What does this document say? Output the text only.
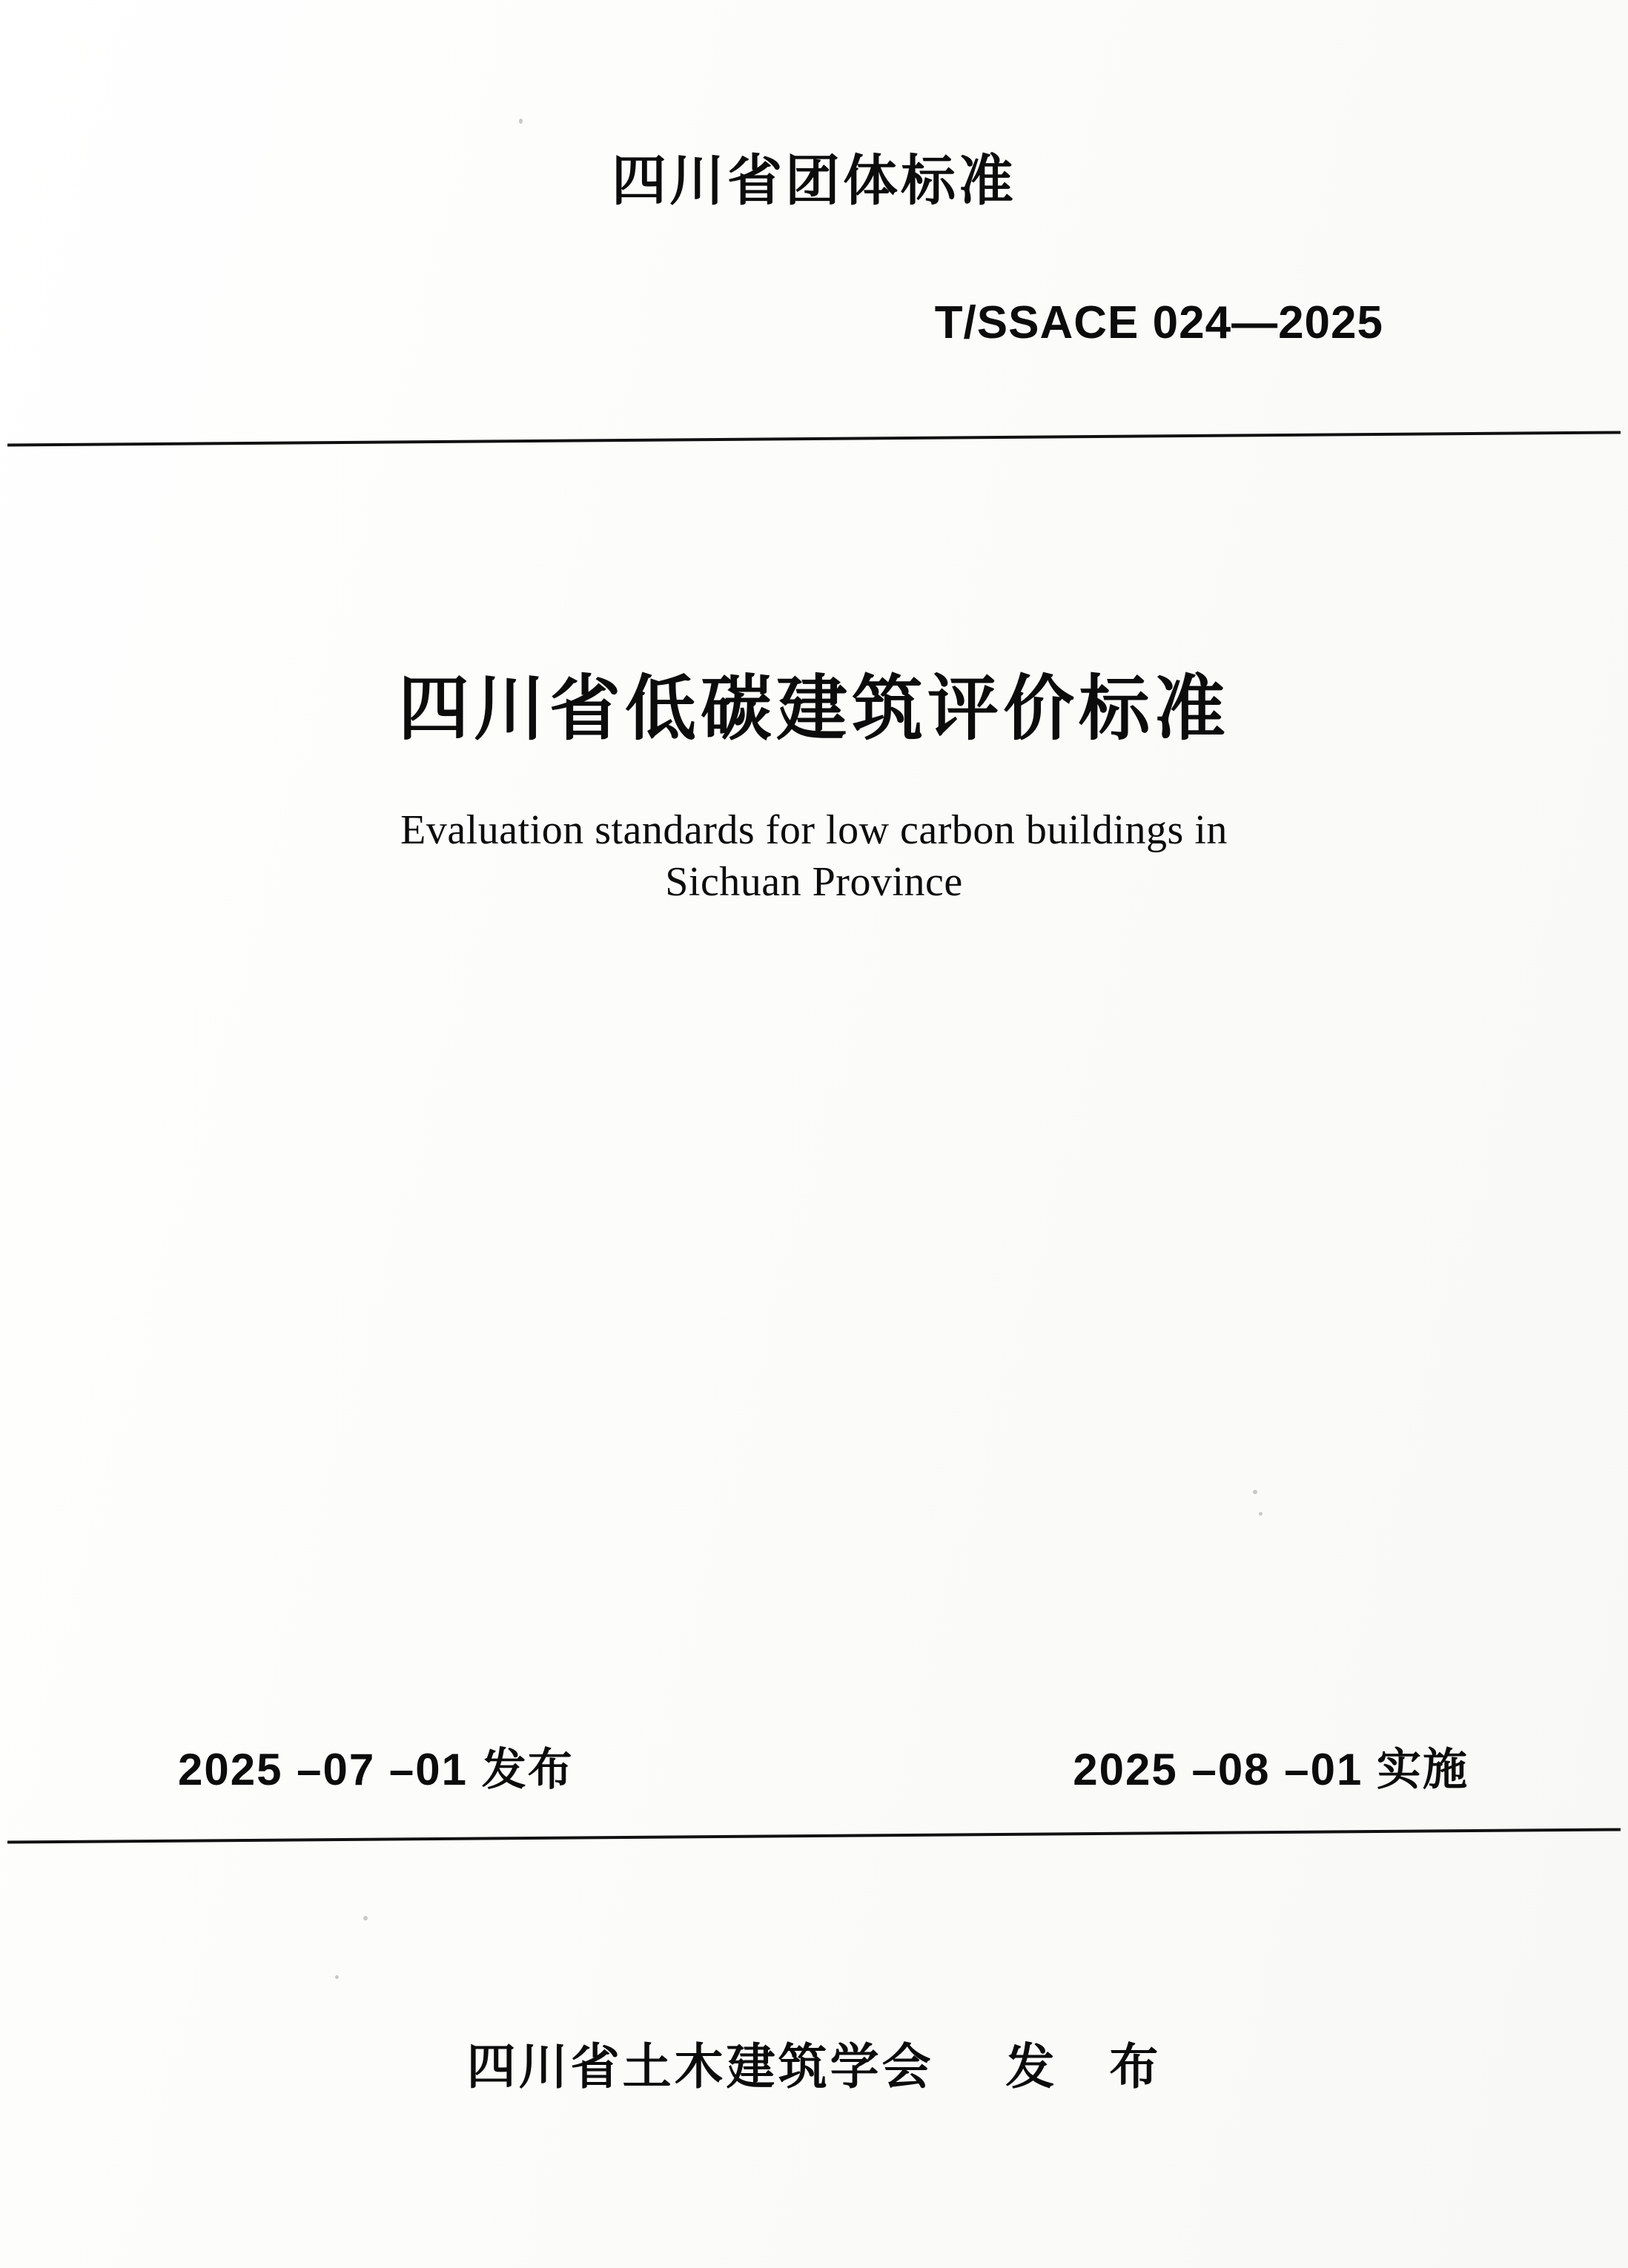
四川省团体标准
T/SSACE 024—2025
四川省低碳建筑评价标准
Evaluation standards for low carbon buildings in
Sichuan Province
2025 –07 –01 发布	2025 –08 –01 实施
四川省土木建筑学会 发　布
